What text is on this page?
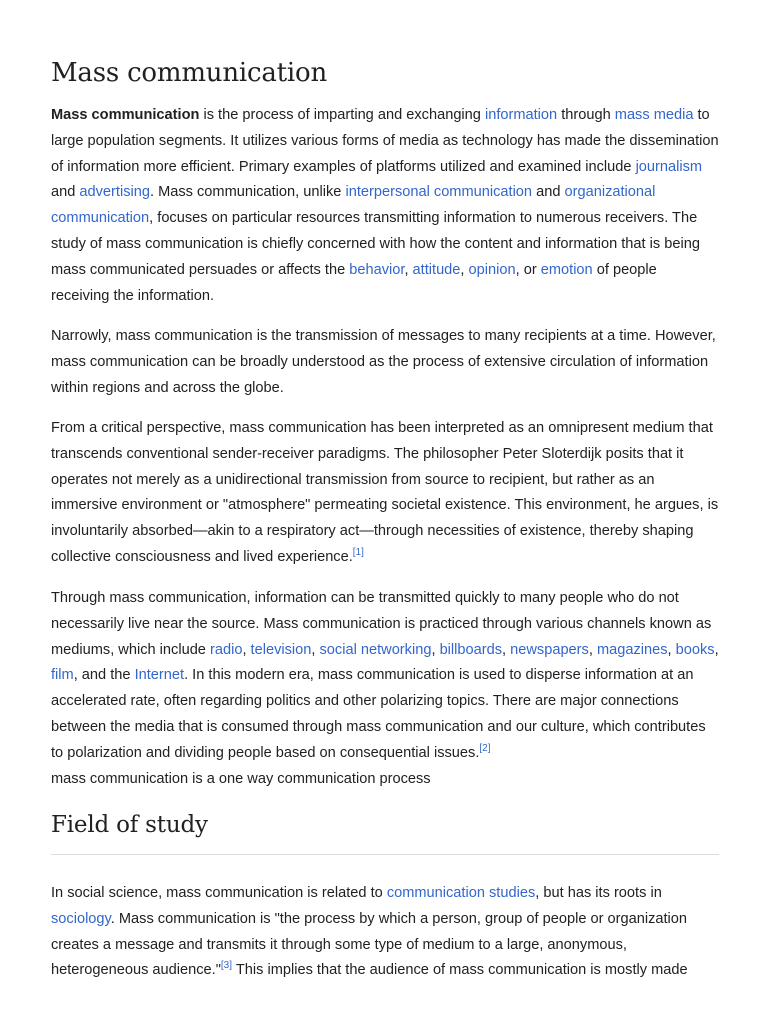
Mass communication

Mass communication is the process of imparting and exchanging information through mass media to large population segments. It utilizes various forms of media as technology has made the dissemination of information more efficient. Primary examples of platforms utilized and examined include journalism and advertising. Mass communication, unlike interpersonal communication and organizational communication, focuses on particular resources transmitting information to numerous receivers. The study of mass communication is chiefly concerned with how the content and information that is being mass communicated persuades or affects the behavior, attitude, opinion, or emotion of people receiving the information.

Narrowly, mass communication is the transmission of messages to many recipients at a time. However, mass communication can be broadly understood as the process of extensive circulation of information within regions and across the globe.

From a critical perspective, mass communication has been interpreted as an omnipresent medium that transcends conventional sender-receiver paradigms. The philosopher Peter Sloterdijk posits that it operates not merely as a unidirectional transmission from source to recipient, but rather as an immersive environment or "atmosphere" permeating societal existence. This environment, he argues, is involuntarily absorbed—akin to a respiratory act—through necessities of existence, thereby shaping collective consciousness and lived experience.[1]

Through mass communication, information can be transmitted quickly to many people who do not necessarily live near the source. Mass communication is practiced through various channels known as mediums, which include radio, television, social networking, billboards, newspapers, magazines, books, film, and the Internet. In this modern era, mass communication is used to disperse information at an accelerated rate, often regarding politics and other polarizing topics. There are major connections between the media that is consumed through mass communication and our culture, which contributes to polarization and dividing people based on consequential issues.[2]
mass communication is a one way communication process

Field of study

In social science, mass communication is related to communication studies, but has its roots in sociology. Mass communication is "the process by which a person, group of people or organization creates a message and transmits it through some type of medium to a large, anonymous, heterogeneous audience."[3] This implies that the audience of mass communication is mostly made
